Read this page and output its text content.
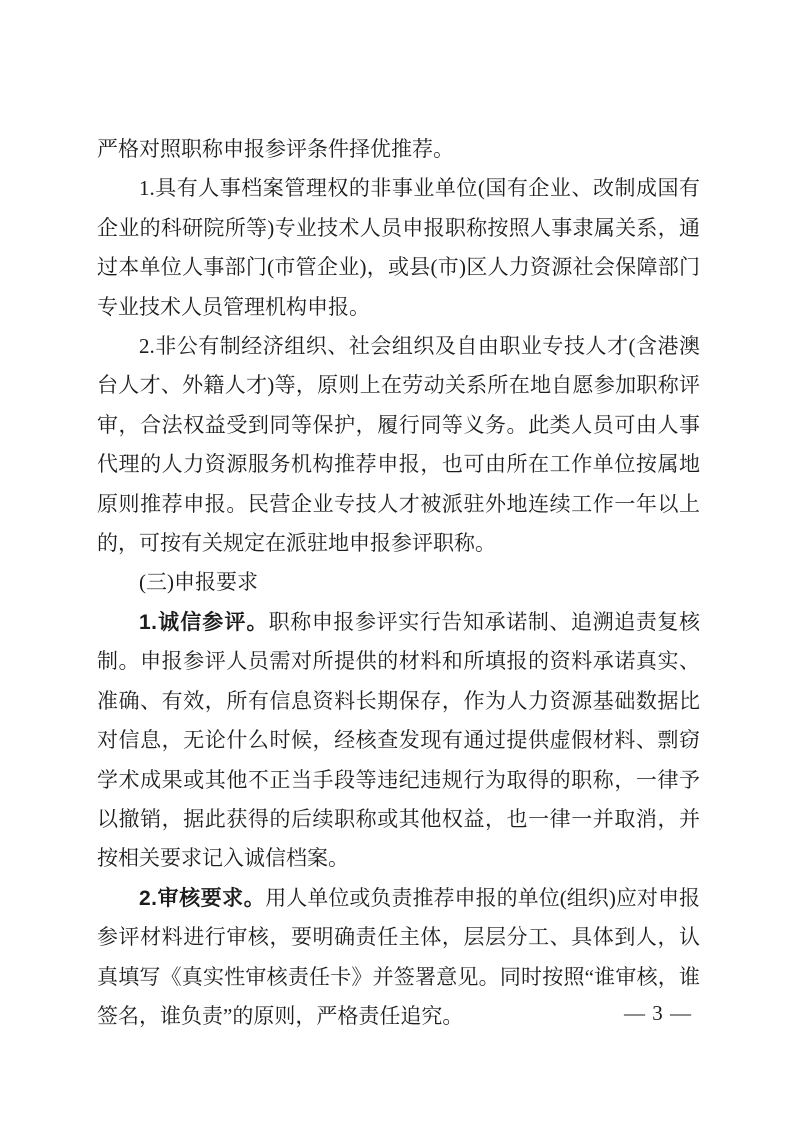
严格对照职称申报参评条件择优推荐。

1.具有人事档案管理权的非事业单位(国有企业、改制成国有企业的科研院所等)专业技术人员申报职称按照人事隶属关系，通过本单位人事部门(市管企业)，或县(市)区人力资源社会保障部门专业技术人员管理机构申报。

2.非公有制经济组织、社会组织及自由职业专技人才(含港澳台人才、外籍人才)等，原则上在劳动关系所在地自愿参加职称评审，合法权益受到同等保护，履行同等义务。此类人员可由人事代理的人力资源服务机构推荐申报，也可由所在工作单位按属地原则推荐申报。民营企业专技人才被派驻外地连续工作一年以上的，可按有关规定在派驻地申报参评职称。

(三)申报要求

1.诚信参评。职称申报参评实行告知承诺制、追溯追责复核制。申报参评人员需对所提供的材料和所填报的资料承诺真实、准确、有效，所有信息资料长期保存，作为人力资源基础数据比对信息，无论什么时候，经核查发现有通过提供虚假材料、剽窃学术成果或其他不正当手段等违纪违规行为取得的职称，一律予以撤销，据此获得的后续职称或其他权益，也一律一并取消，并按相关要求记入诚信档案。

2.审核要求。用人单位或负责推荐申报的单位(组织)应对申报参评材料进行审核，要明确责任主体，层层分工、具体到人，认真填写《真实性审核责任卡》并签署意见。同时按照“谁审核，谁签名，谁负责”的原则，严格责任追究。	— 3 —
